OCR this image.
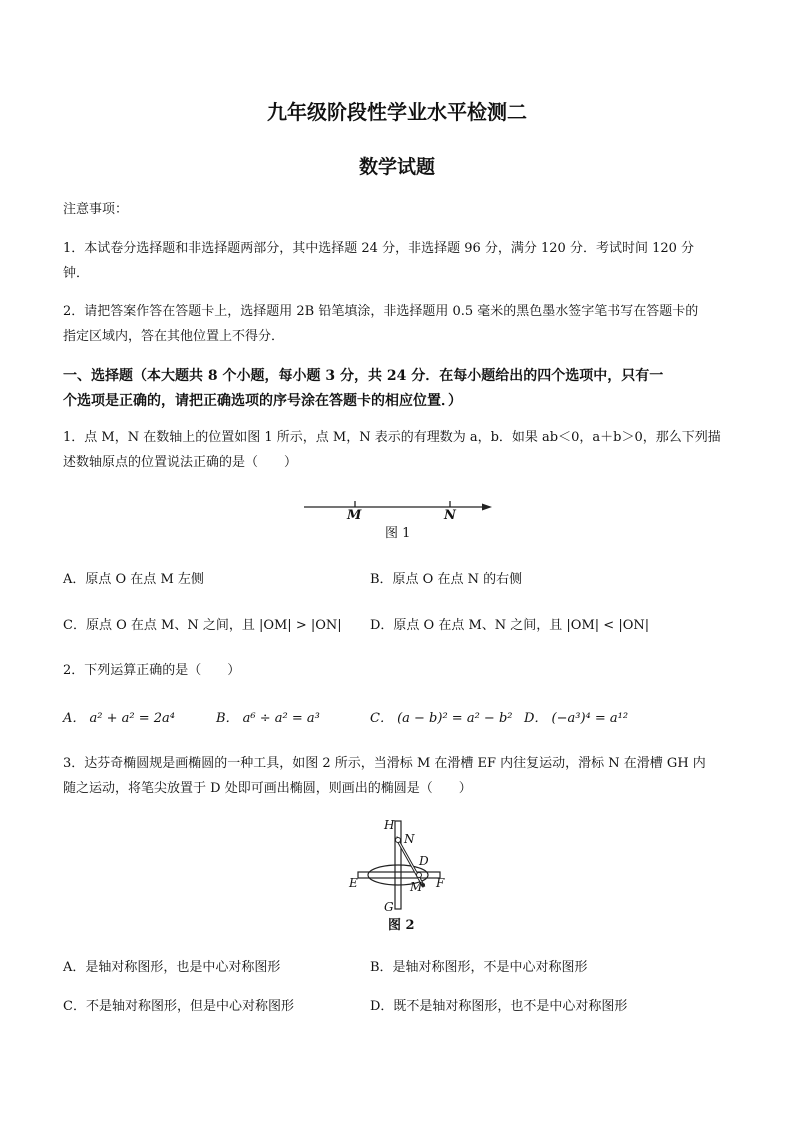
九年级阶段性学业水平检测二
数学试题
注意事项：
1．本试卷分选择题和非选择题两部分，其中选择题 24 分，非选择题 96 分，满分 120 分．考试时间 120 分
钟．
2．请把答案作答在答题卡上，选择题用 2B 铅笔填涂，非选择题用 0.5 毫米的黑色墨水签字笔书写在答题卡的
指定区域内，答在其他位置上不得分．
一、选择题（本大题共 8 个小题，每小题 3 分，共 24 分．在每小题给出的四个选项中，只有一
个选项是正确的，请把正确选项的序号涂在答题卡的相应位置．）
1．点 M，N 在数轴上的位置如图 1 所示，点 M，N 表示的有理数为 a，b．如果 ab＜0，a＋b＞0，那么下列描
述数轴原点的位置说法正确的是（　　）
M	N
图 1
A．原点 O 在点 M 左侧	B．原点 O 在点 N 的右侧
C．原点 O 在点 M、N 之间，且 |OM| > |ON| D．原点 O 在点 M、N 之间，且 |OM| < |ON|
2．下列运算正确的是（　　）
A． a² + a² = 2a⁴	B． a⁶ ÷ a² = a³	C． (a − b)² = a² − b² D． (−a³)⁴ = a¹²
3．达芬奇椭圆规是画椭圆的一种工具，如图 2 所示，当滑标 M 在滑槽 EF 内往复运动，滑标 N 在滑槽 GH 内
随之运动，将笔尖放置于 D 处即可画出椭圆，则画出的椭圆是（　　）
H
N
D
E	M F
G
图 2
A．是轴对称图形，也是中心对称图形	B．是轴对称图形，不是中心对称图形
C．不是轴对称图形，但是中心对称图形	D．既不是轴对称图形，也不是中心对称图形
